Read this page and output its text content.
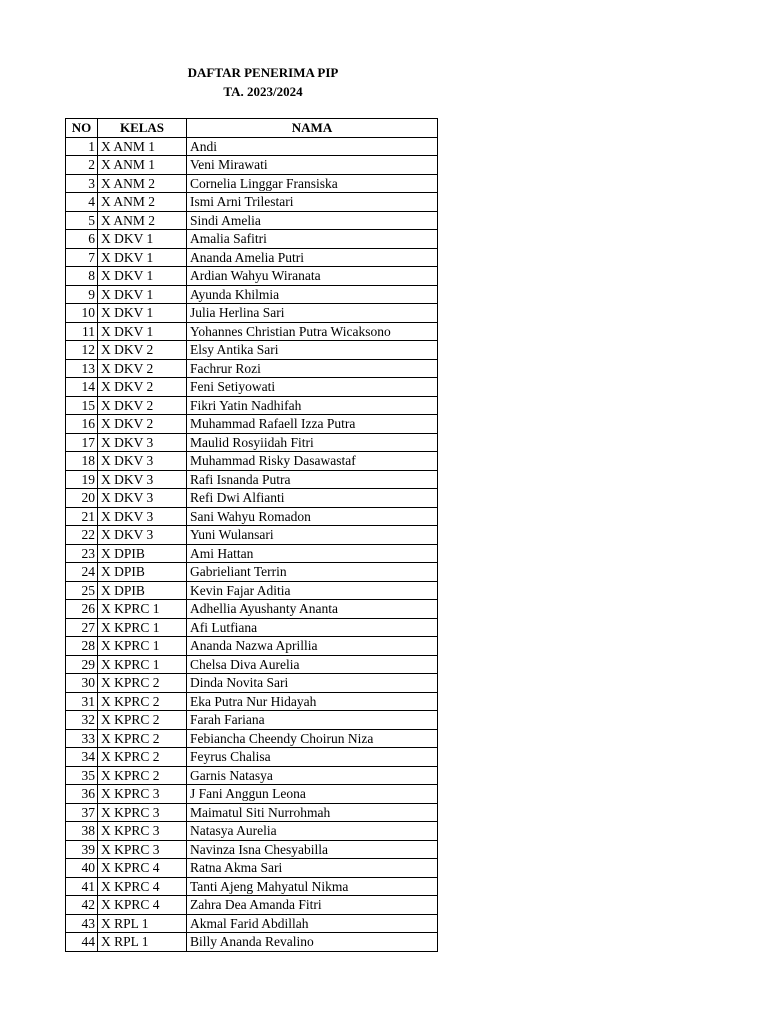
DAFTAR PENERIMA PIP
TA. 2023/2024
NO	KELAS	NAMA
1	X ANM 1	Andi
2	X ANM 1	Veni Mirawati
3	X ANM 2	Cornelia Linggar Fransiska
4	X ANM 2	Ismi Arni Trilestari
5	X ANM 2	Sindi Amelia
6	X DKV 1	Amalia Safitri
7	X DKV 1	Ananda Amelia Putri
8	X DKV 1	Ardian Wahyu Wiranata
9	X DKV 1	Ayunda Khilmia
10	X DKV 1	Julia Herlina Sari
11	X DKV 1	Yohannes Christian Putra Wicaksono
12	X DKV 2	Elsy Antika Sari
13	X DKV 2	Fachrur Rozi
14	X DKV 2	Feni Setiyowati
15	X DKV 2	Fikri Yatin Nadhifah
16	X DKV 2	Muhammad Rafaell Izza Putra
17	X DKV 3	Maulid Rosyiidah Fitri
18	X DKV 3	Muhammad Risky Dasawastaf
19	X DKV 3	Rafi Isnanda Putra
20	X DKV 3	Refi Dwi Alfianti
21	X DKV 3	Sani Wahyu Romadon
22	X DKV 3	Yuni Wulansari
23	X DPIB	Ami Hattan
24	X DPIB	Gabrieliant Terrin
25	X DPIB	Kevin Fajar Aditia
26	X KPRC 1	Adhellia Ayushanty Ananta
27	X KPRC 1	Afi Lutfiana
28	X KPRC 1	Ananda Nazwa Aprillia
29	X KPRC 1	Chelsa Diva Aurelia
30	X KPRC 2	Dinda Novita Sari
31	X KPRC 2	Eka Putra Nur Hidayah
32	X KPRC 2	Farah Fariana
33	X KPRC 2	Febiancha Cheendy Choirun Niza
34	X KPRC 2	Feyrus Chalisa
35	X KPRC 2	Garnis Natasya
36	X KPRC 3	J Fani Anggun Leona
37	X KPRC 3	Maimatul Siti Nurrohmah
38	X KPRC 3	Natasya Aurelia
39	X KPRC 3	Navinza Isna Chesyabilla
40	X KPRC 4	Ratna Akma Sari
41	X KPRC 4	Tanti Ajeng Mahyatul Nikma
42	X KPRC 4	Zahra Dea Amanda Fitri
43	X RPL 1	Akmal Farid Abdillah
44	X RPL 1	Billy Ananda Revalino
